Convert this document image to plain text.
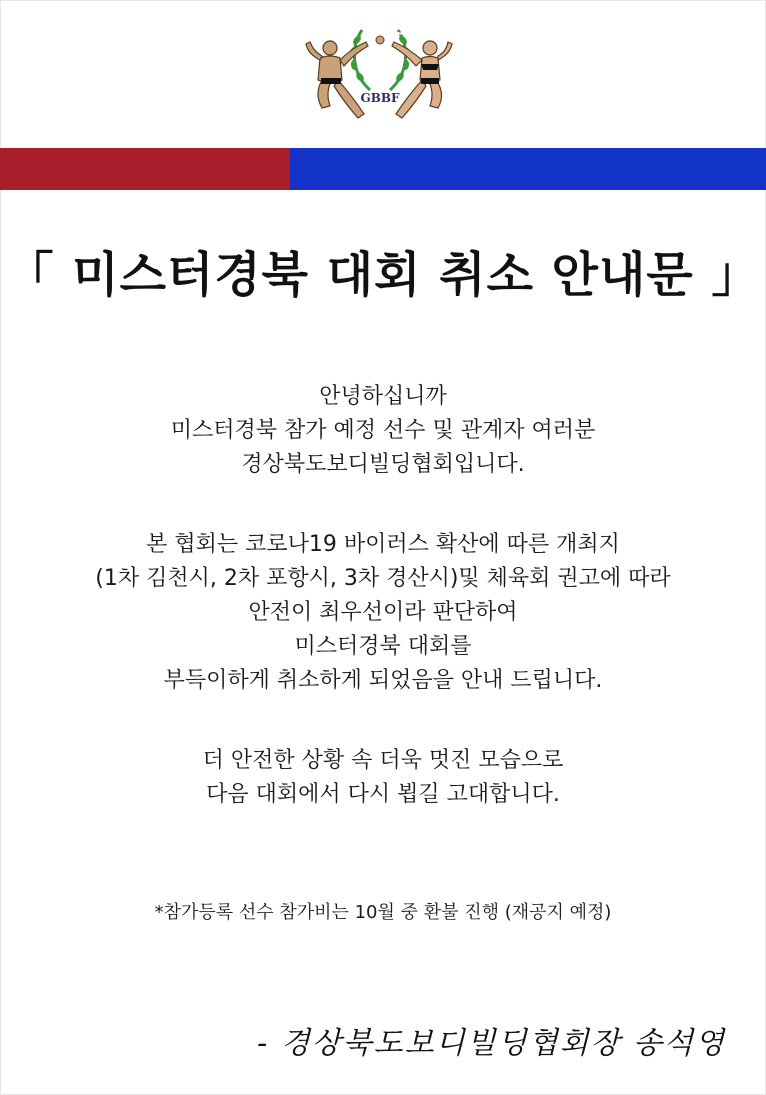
GBBF
Gyeongbuk Bodybuilding & Fitness Federation
「 미스터경북 대회 취소 안내문 」
안녕하십니까
미스터경북 참가 예정 선수 및 관계자 여러분
경상북도보디빌딩협회입니다.
본 협회는 코로나19 바이러스 확산에 따른 개최지
(1차 김천시, 2차 포항시, 3차 경산시)및 체육회 권고에 따라
안전이 최우선이라 판단하여
미스터경북 대회를
부득이하게 취소하게 되었음을 안내 드립니다.
더 안전한 상황 속 더욱 멋진 모습으로
다음 대회에서 다시 뵙길 고대합니다.
*참가등록 선수 참가비는 10월 중 환불 진행 (재공지 예정)
- 경상북도보디빌딩협회장 송석영
